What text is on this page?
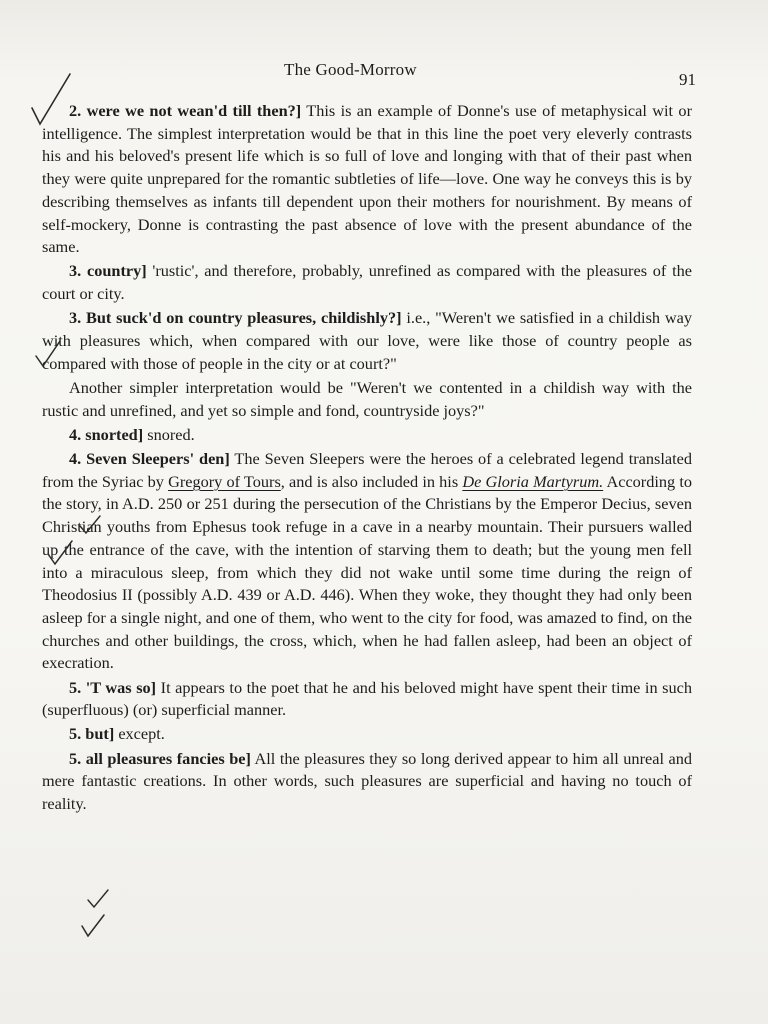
The Good-Morrow
91

2. were we not wean'd till then?] This is an example of Donne's use of metaphysical wit or intelligence. The simplest interpretation would be that in this line the poet very eleverly contrasts his and his beloved's present life which is so full of love and longing with that of their past when they were quite unprepared for the romantic subtleties of life—love. One way he conveys this is by describing themselves as infants till dependent upon their mothers for nourishment. By means of self-mockery, Donne is contrasting the past absence of love with the present abundance of the same.

3. country] 'rustic', and therefore, probably, unrefined as compared with the pleasures of the court or city.

3. But suck'd on country pleasures, childishly?] i.e., "Weren't we satisfied in a childish way with pleasures which, when compared with our love, were like those of country people as compared with those of people in the city or at court?"

Another simpler interpretation would be "Weren't we contented in a childish way with the rustic and unrefined, and yet so simple and fond, countryside joys?"

4. snorted] snored.

4. Seven Sleepers' den] The Seven Sleepers were the heroes of a celebrated legend translated from the Syriac by Gregory of Tours, and is also included in his De Gloria Martyrum. According to the story, in A.D. 250 or 251 during the persecution of the Christians by the Emperor Decius, seven Christian youths from Ephesus took refuge in a cave in a nearby mountain. Their pursuers walled up the entrance of the cave, with the intention of starving them to death; but the young men fell into a miraculous sleep, from which they did not wake until some time during the reign of Theodosius II (possibly A.D. 439 or A.D. 446). When they woke, they thought they had only been asleep for a single night, and one of them, who went to the city for food, was amazed to find, on the churches and other buildings, the cross, which, when he had fallen asleep, had been an object of execration.

5. 'T was so] It appears to the poet that he and his beloved might have spent their time in such (superfluous) (or) superficial manner.

5. but] except.

5. all pleasures fancies be] All the pleasures they so long derived appear to him all unreal and mere fantastic creations. In other words, such pleasures are superficial and having no touch of reality.
